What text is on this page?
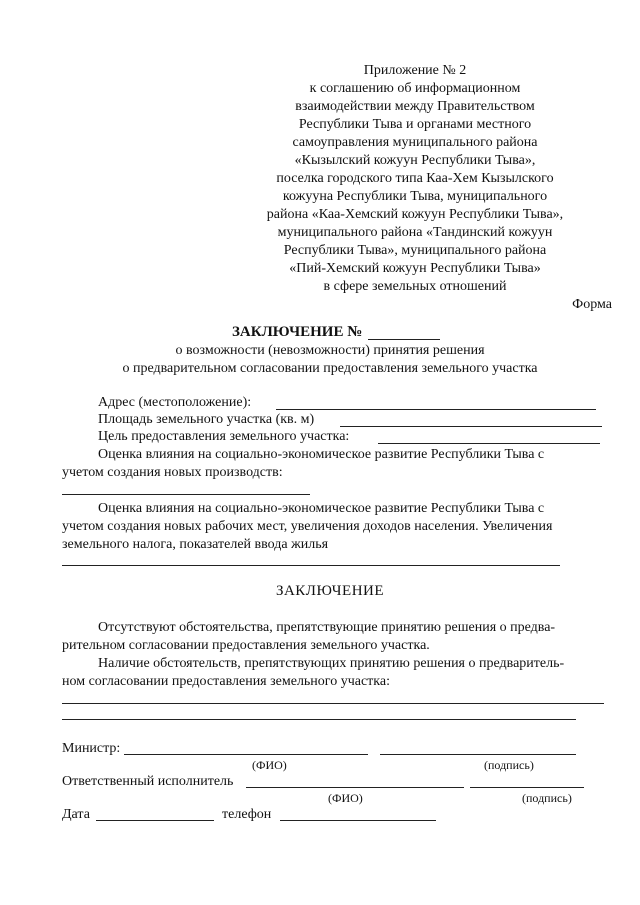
Приложение № 2
к соглашению об информационном
взаимодействии между Правительством
Республики Тыва и органами местного
самоуправления муниципального района
«Кызылский кожуун Республики Тыва»,
поселка городского типа Каа-Хем Кызылского
кожууна Республики Тыва, муниципального
района «Каа-Хемский кожуун Республики Тыва»,
муниципального района «Тандинский кожуун
Республики Тыва», муниципального района
«Пий-Хемский кожуун Республики Тыва»
в сфере земельных отношений
Форма
ЗАКЛЮЧЕНИЕ №
о возможности (невозможности) принятия решения
о предварительном согласовании предоставления земельного участка
Адрес (местоположение):
Площадь земельного участка (кв. м)
Цель предоставления земельного участка:
Оценка влияния на социально-экономическое развитие Республики Тыва с
учетом создания новых производств:
Оценка влияния на социально-экономическое развитие Республики Тыва с
учетом создания новых рабочих мест, увеличения доходов населения. Увеличения
земельного налога, показателей ввода жилья
ЗАКЛЮЧЕНИЕ
Отсутствуют обстоятельства, препятствующие принятию решения о предва-
рительном согласовании предоставления земельного участка.
Наличие обстоятельств, препятствующих принятию решения о предваритель-
ном согласовании предоставления земельного участка:
Министр:
(ФИО)	(подпись)
Ответственный исполнитель
(ФИО)	(подпись)
Дата	телефон
